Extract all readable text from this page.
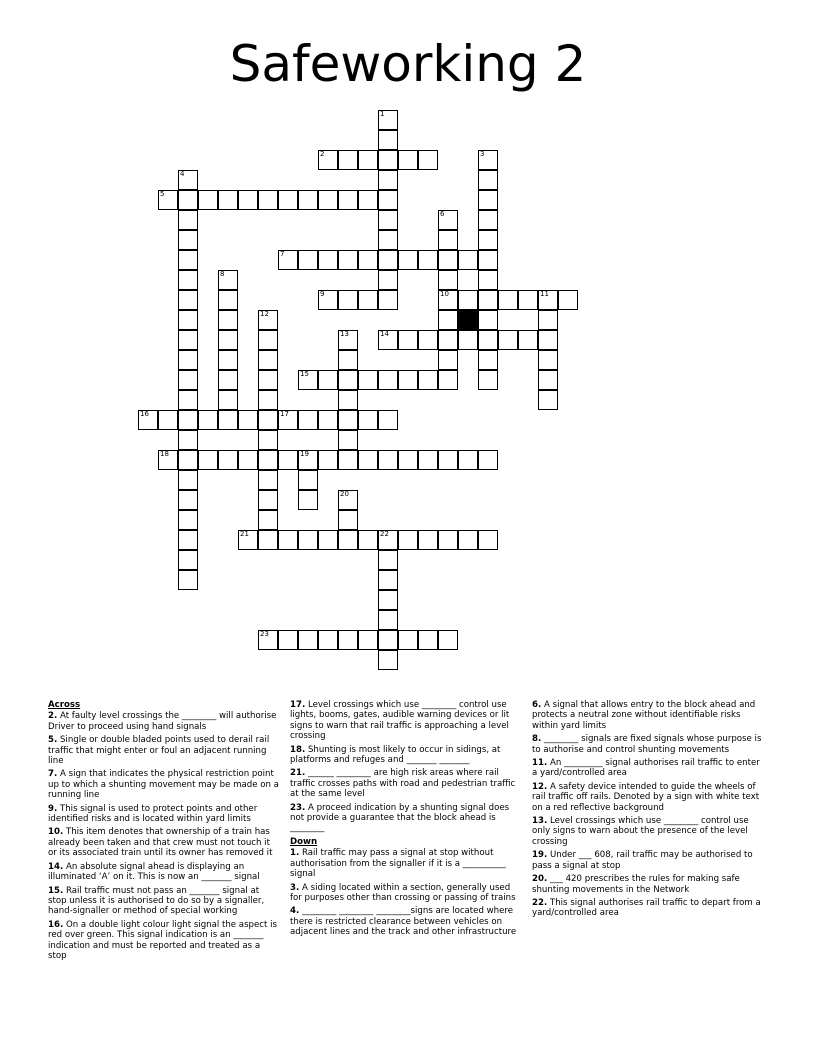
Safeworking 2
1
2	3
4
5
6
10
7
8
9	11
12
13	14
15
16	17
18	19
20
21	22
23
Across

2. At faulty level crossings the ________ will authorise Driver to proceed using hand signals

5. Single or double bladed points used to derail rail traffic that might enter or foul an adjacent running line

7. A sign that indicates the physical restriction point up to which a shunting movement may be made on a running line

9. This signal is used to protect points and other identified risks and is located within yard limits

10. This item denotes that ownership of a train has already been taken and that crew must not touch it or its associated train until its owner has removed it

14. An absolute signal ahead is displaying an illuminated ‘A’ on it. This is now an _______ signal

15. Rail traffic must not pass an _______ signal at stop unless it is authorised to do so by a signaller, hand-signaller or method of special working

16. On a double light colour light signal the aspect is red over green. This signal indication is an _______ indication and must be reported and treated as a stop

17. Level crossings which use ________ control use lights, booms, gates, audible warning devices or lit signs to warn that rail traffic is approaching a level crossing

18. Shunting is most likely to occur in sidings, at platforms and refuges and _______ _______

21. ______ ________ are high risk areas where rail traffic crosses paths with road and pedestrian traffic at the same level

23. A proceed indication by a shunting signal does not provide a guarantee that the block ahead is ________

Down

1. Rail traffic may pass a signal at stop without authorisation from the signaller if it is a __________ signal

3. A siding located within a section, generally used for purposes other than crossing or passing of trains

4. ________ ________ ________signs are located where there is restricted clearance between vehicles on adjacent lines and the track and other infrastructure

6. A signal that allows entry to the block ahead and protects a neutral zone without identifiable risks within yard limits

8. ________ signals are fixed signals whose purpose is to authorise and control shunting movements

11. An _________ signal authorises rail traffic to enter a yard/controlled area

12. A safety device intended to guide the wheels of rail traffic off rails. Denoted by a sign with white text on a red reflective background

13. Level crossings which use ________ control use only signs to warn about the presence of the level crossing

19. Under ___ 608, rail traffic may be authorised to pass a signal at stop

20. ___ 420 prescribes the rules for making safe shunting movements in the Network

22. This signal authorises rail traffic to depart from a yard/controlled area
